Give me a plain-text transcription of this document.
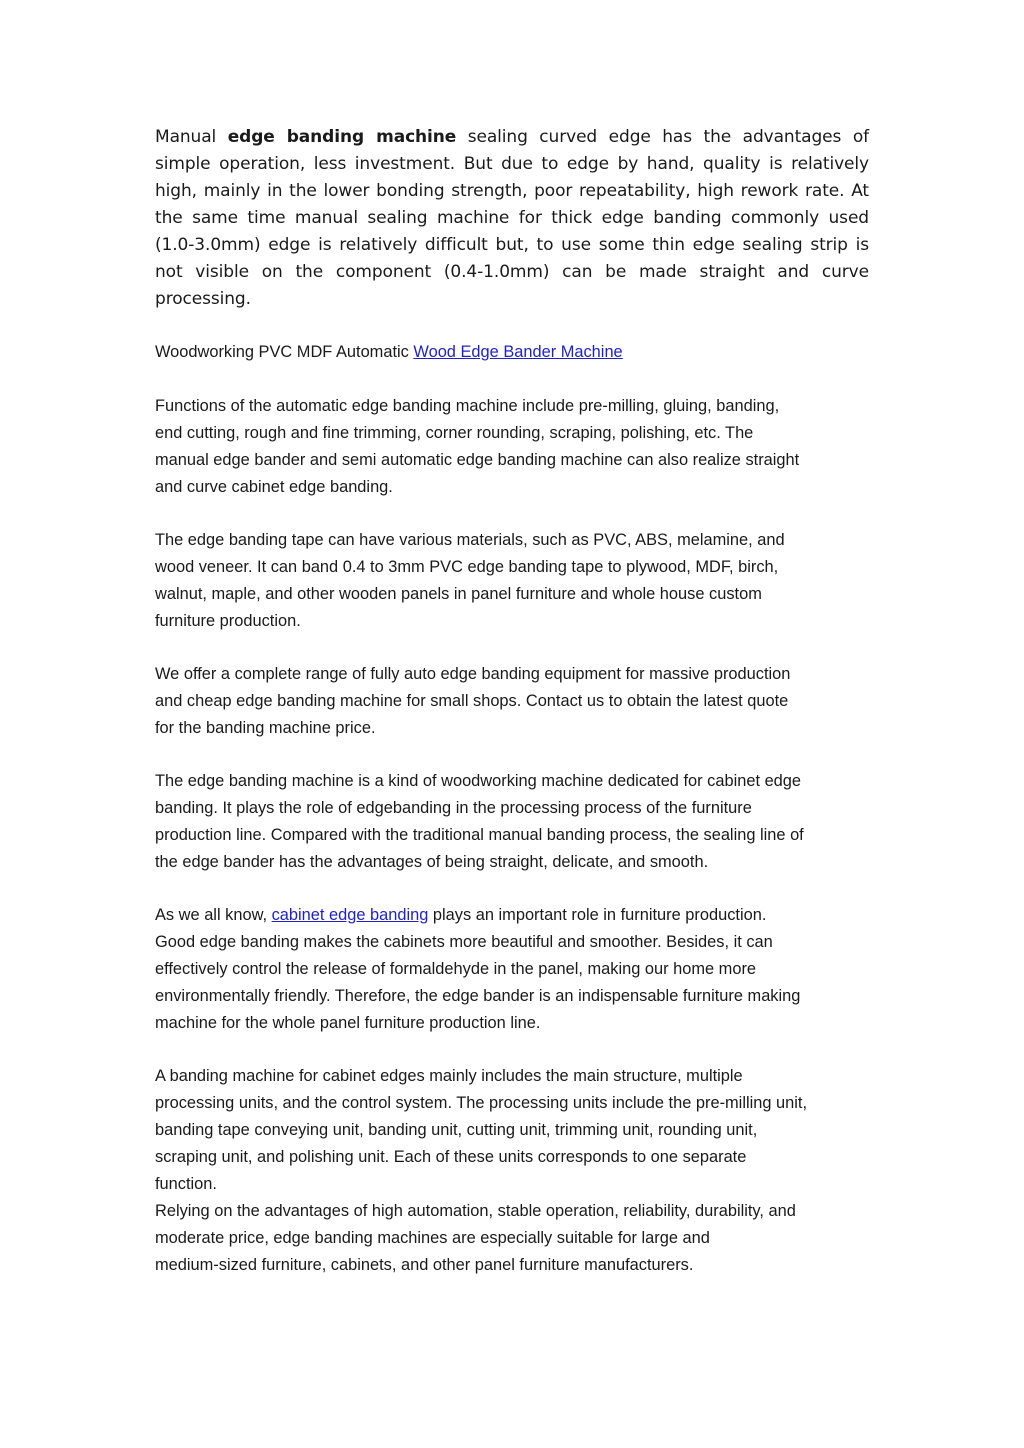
Manual edge banding machine sealing curved edge has the advantages of simple operation, less investment. But due to edge by hand, quality is relatively high, mainly in the lower bonding strength, poor repeatability, high rework rate. At the same time manual sealing machine for thick edge banding commonly used (1.0-3.0mm) edge is relatively difficult but, to use some thin edge sealing strip is not visible on the component (0.4-1.0mm) can be made straight and curve processing.

Woodworking PVC MDF Automatic Wood Edge Bander Machine

Functions of the automatic edge banding machine include pre-milling, gluing, banding,
end cutting, rough and fine trimming, corner rounding, scraping, polishing, etc. The
manual edge bander and semi automatic edge banding machine can also realize straight
and curve cabinet edge banding.

The edge banding tape can have various materials, such as PVC, ABS, melamine, and
wood veneer. It can band 0.4 to 3mm PVC edge banding tape to plywood, MDF, birch,
walnut, maple, and other wooden panels in panel furniture and whole house custom
furniture production.

We offer a complete range of fully auto edge banding equipment for massive production
and cheap edge banding machine for small shops. Contact us to obtain the latest quote
for the banding machine price.

The edge banding machine is a kind of woodworking machine dedicated for cabinet edge
banding. It plays the role of edgebanding in the processing process of the furniture
production line. Compared with the traditional manual banding process, the sealing line of
the edge bander has the advantages of being straight, delicate, and smooth.

As we all know, cabinet edge banding plays an important role in furniture production.
Good edge banding makes the cabinets more beautiful and smoother. Besides, it can
effectively control the release of formaldehyde in the panel, making our home more
environmentally friendly. Therefore, the edge bander is an indispensable furniture making
machine for the whole panel furniture production line.

A banding machine for cabinet edges mainly includes the main structure, multiple
processing units, and the control system. The processing units include the pre-milling unit,
banding tape conveying unit, banding unit, cutting unit, trimming unit, rounding unit,
scraping unit, and polishing unit. Each of these units corresponds to one separate
function.

Relying on the advantages of high automation, stable operation, reliability, durability, and
moderate price, edge banding machines are especially suitable for large and
medium-sized furniture, cabinets, and other panel furniture manufacturers.
